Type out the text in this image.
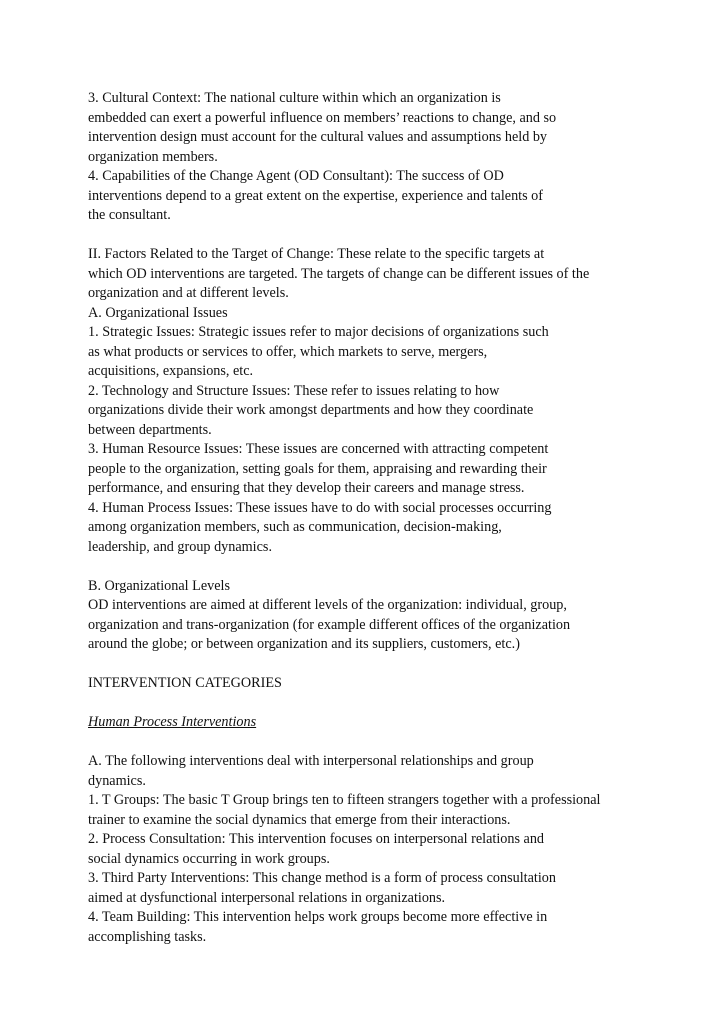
3. Cultural Context: The national culture within which an organization is
embedded can exert a powerful influence on members’ reactions to change, and so
intervention design must account for the cultural values and assumptions held by
organization members.
4. Capabilities of the Change Agent (OD Consultant): The success of OD
interventions depend to a great extent on the expertise, experience and talents of
the consultant.
II. Factors Related to the Target of Change: These relate to the specific targets at
which OD interventions are targeted. The targets of change can be different issues of the
organization and at different levels.
A. Organizational Issues
1. Strategic Issues: Strategic issues refer to major decisions of organizations such
as what products or services to offer, which markets to serve, mergers,
acquisitions, expansions, etc.
2. Technology and Structure Issues: These refer to issues relating to how
organizations divide their work amongst departments and how they coordinate
between departments.
3. Human Resource Issues: These issues are concerned with attracting competent
people to the organization, setting goals for them, appraising and rewarding their
performance, and ensuring that they develop their careers and manage stress.
4. Human Process Issues: These issues have to do with social processes occurring
among organization members, such as communication, decision-making,
leadership, and group dynamics.
B. Organizational Levels
OD interventions are aimed at different levels of the organization: individual, group,
organization and trans-organization (for example different offices of the organization
around the globe; or between organization and its suppliers, customers, etc.)
INTERVENTION CATEGORIES
Human Process Interventions
A. The following interventions deal with interpersonal relationships and group
dynamics.
1. T Groups: The basic T Group brings ten to fifteen strangers together with a professional
trainer to examine the social dynamics that emerge from their interactions.
2. Process Consultation: This intervention focuses on interpersonal relations and
social dynamics occurring in work groups.
3. Third Party Interventions: This change method is a form of process consultation
aimed at dysfunctional interpersonal relations in organizations.
4. Team Building: This intervention helps work groups become more effective in
accomplishing tasks.
